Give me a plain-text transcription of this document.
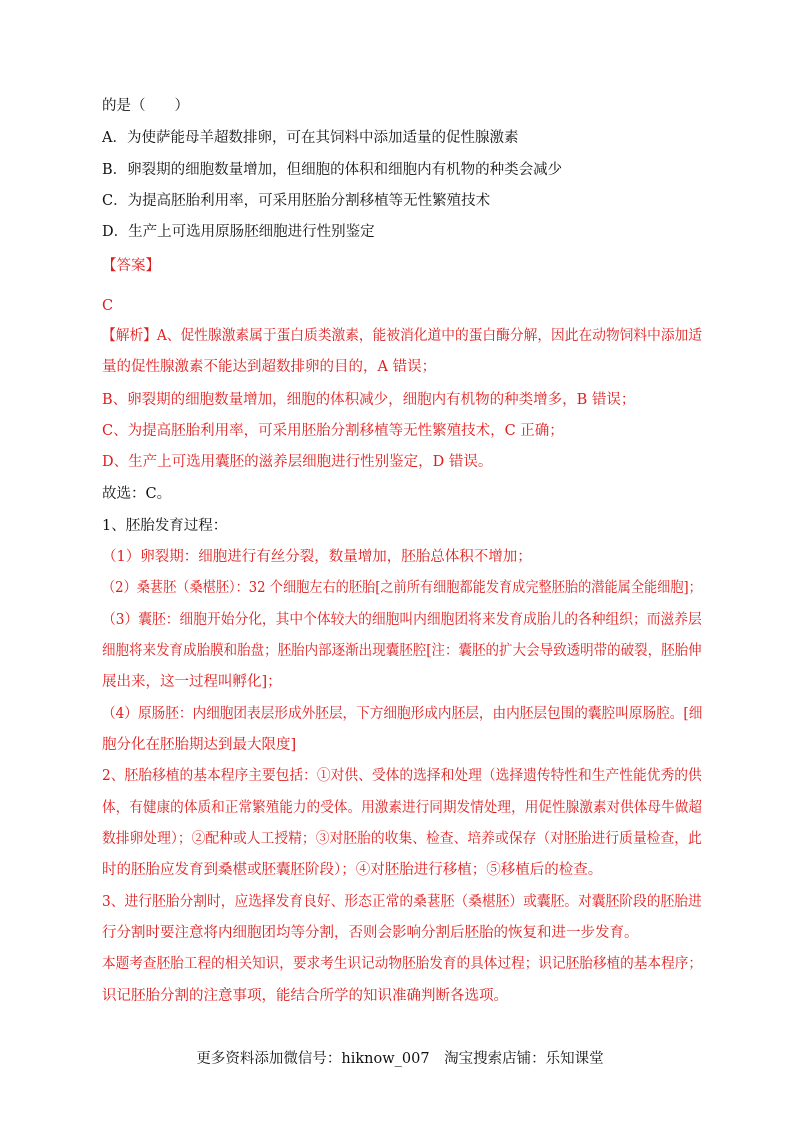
的是（　　）
A．为使萨能母羊超数排卵，可在其饲料中添加适量的促性腺激素
B．卵裂期的细胞数量增加，但细胞的体积和细胞内有机物的种类会减少
C．为提高胚胎利用率，可采用胚胎分割移植等无性繁殖技术
D．生产上可选用原肠胚细胞进行性别鉴定
【答案】
C
【解析】A、促性腺激素属于蛋白质类激素，能被消化道中的蛋白酶分解，因此在动物饲料中添加适
量的促性腺激素不能达到超数排卵的目的，A 错误；
B、卵裂期的细胞数量增加，细胞的体积减少，细胞内有机物的种类增多，B 错误；
C、为提高胚胎利用率，可采用胚胎分割移植等无性繁殖技术，C 正确；
D、生产上可选用囊胚的滋养层细胞进行性别鉴定，D 错误。
故选：C。
1、胚胎发育过程：
（1）卵裂期：细胞进行有丝分裂，数量增加，胚胎总体积不增加；
（2）桑葚胚（桑椹胚）：32 个细胞左右的胚胎[之前所有细胞都能发育成完整胚胎的潜能属全能细胞]；
（3）囊胚：细胞开始分化，其中个体较大的细胞叫内细胞团将来发育成胎儿的各种组织；而滋养层
细胞将来发育成胎膜和胎盘；胚胎内部逐渐出现囊胚腔[注：囊胚的扩大会导致透明带的破裂，胚胎伸
展出来，这一过程叫孵化]；
（4）原肠胚：内细胞团表层形成外胚层，下方细胞形成内胚层，由内胚层包围的囊腔叫原肠腔。[细
胞分化在胚胎期达到最大限度]
2、胚胎移植的基本程序主要包括：①对供、受体的选择和处理（选择遗传特性和生产性能优秀的供
体，有健康的体质和正常繁殖能力的受体。用激素进行同期发情处理，用促性腺激素对供体母牛做超
数排卵处理）；②配种或人工授精；③对胚胎的收集、检查、培养或保存（对胚胎进行质量检查，此
时的胚胎应发育到桑椹或胚囊胚阶段）；④对胚胎进行移植；⑤移植后的检查。
3、进行胚胎分割时，应选择发育良好、形态正常的桑葚胚（桑椹胚）或囊胚。对囊胚阶段的胚胎进
行分割时要注意将内细胞团均等分割，否则会影响分割后胚胎的恢复和进一步发育。
本题考查胚胎工程的相关知识，要求考生识记动物胚胎发育的具体过程；识记胚胎移植的基本程序；
识记胚胎分割的注意事项，能结合所学的知识准确判断各选项。
更多资料添加微信号：hiknow_007　淘宝搜索店铺：乐知课堂
